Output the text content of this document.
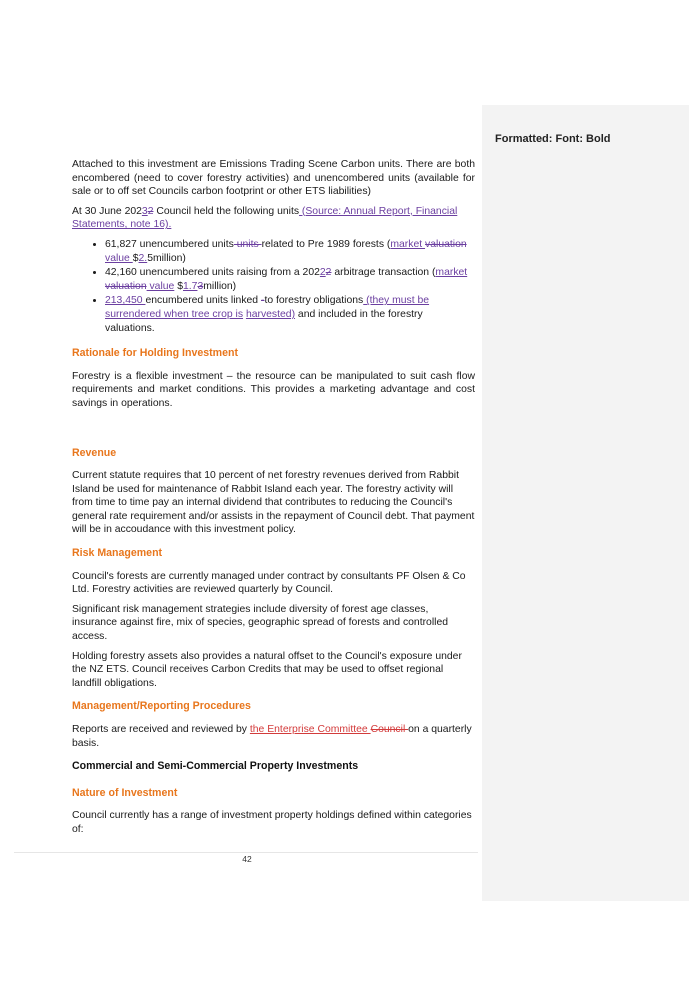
Formatted: Font: Bold

Attached to this investment are Emissions Trading Scene Carbon units. There are both encombered (need to cover forestry activities) and unencombered units (available for sale or to off set Councils carbon footprint or other ETS liabilities)

At 30 June 20232 Council held the following units (Source: Annual Report, Financial Statements, note 16).

• 61,827 unencumbered units units related to Pre 1989 forests (market valuation value $2.5million)
• 42,160 unencumbered units raising from a 20222 arbitrage transaction (market valuation value $1.73million)
• 213,450 encumbered units linked -to forestry obligations (they must be surrendered when tree crop is harvested) and included in the forestry valuations.
Rationale for Holding Investment

Forestry is a flexible investment – the resource can be manipulated to suit cash flow requirements and market conditions. This provides a marketing advantage and cost savings in operations.

Revenue

Current statute requires that 10 percent of net forestry revenues derived from Rabbit Island be used for maintenance of Rabbit Island each year. The forestry activity will from time to time pay an internal dividend that contributes to reducing the Council's general rate requirement and/or assists in the repayment of Council debt. That payment will be in accoudance with this investment policy.

Risk Management

Council's forests are currently managed under contract by consultants PF Olsen & Co Ltd. Forestry activities are reviewed quarterly by Council.

Significant risk management strategies include diversity of forest age classes, insurance against fire, mix of species, geographic spread of forests and controlled access.

Holding forestry assets also provides a natural offset to the Council's exposure under the NZ ETS. Council receives Carbon Credits that may be used to offset regional landfill obligations.

Management/Reporting Procedures

Reports are received and reviewed by the Enterprise Committee Council on a quarterly basis.

Commercial and Semi-Commercial Property Investments
Nature of Investment

Council currently has a range of investment property holdings defined within categories of:

42
